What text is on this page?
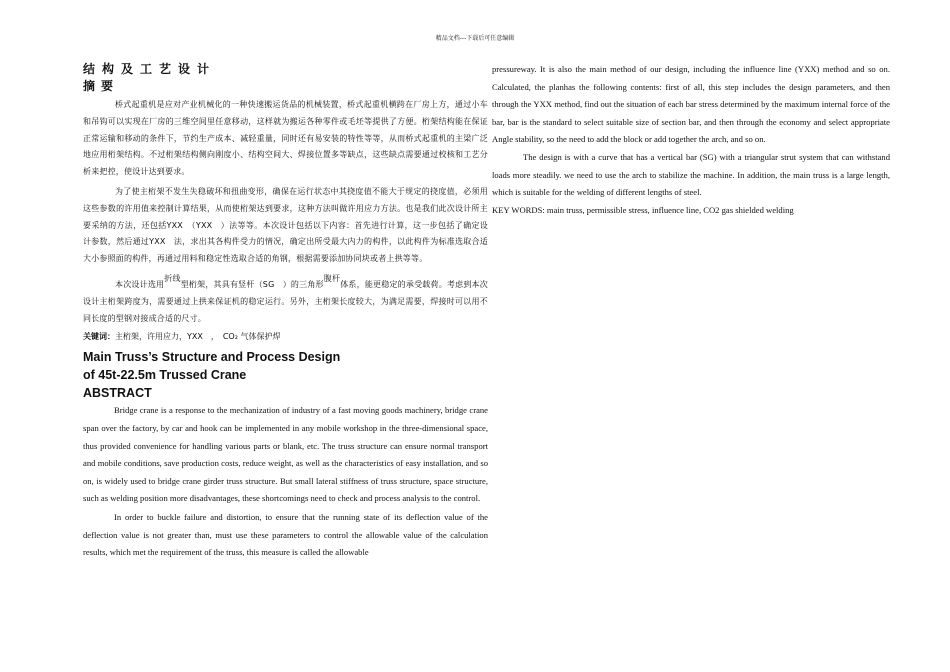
精品文档---下载后可任意编辑
结构及工艺设计
摘要

桥式起重机是应对产业机械化的一种快速搬运货品的机械装置，桥式起重机横跨在厂房上方，通过小车和吊钩可以实现在厂房的三维空间里任意移动，这样就为搬运各种零件或毛坯等提供了方便。桁架结构能在保证正常运输和移动的条件下，节约生产成本、减轻重量，同时还有易安装的特性等等，从而桥式起重机的主梁广泛地应用桁架结构。不过桁架结构侧向刚度小、结构空间大、焊接位置多等缺点，这些缺点需要通过校核和工艺分析来把控，使设计达到要求。

为了使主桁架不发生失稳破坏和扭曲变形，确保在运行状态中其挠度值不能大于规定的挠度值，必须用这些参数的许用值来控制计算结果，从而使桁架达到要求，这种方法叫做许用应力方法。也是我们此次设计所主要采纳的方法，还包括YXX　（YXX　）法等等。本次设计包括以下内容：首先进行计算，这一步包括了确定设计参数，然后通过YXX　法，求出其各构件受力的情况，确定出所受最大内力的构件，以此构件为标准选取合适大小参照面的构件，再通过用料和稳定性选取合适的角钢，根据需要添加协同块或者上拱等等。

本次设计选用折线型桁架，其具有竖杆（SG　）的三角形腹杆体系，能更稳定的承受载荷。考虑到本次设计主桁架跨度为，需要通过上拱来保证机的稳定运行。另外，主桁架长度较大，为满足需要，焊接时可以用不同长度的型钢对接成合适的尺寸。

关键词：主桁架，许用应力，YXX　，　CO₂ 气体保护焊

Main Truss’s Structure and Process Design
of 45t-22.5m Trussed Crane
ABSTRACT

Bridge crane is a response to the mechanization of industry of a fast moving goods machinery, bridge crane span over the factory, by car and hook can be implemented in any mobile workshop in the three-dimensional space, thus provided convenience for handling various parts or blank, etc. The truss structure can ensure normal transport and mobile conditions, save production costs, reduce weight, as well as the characteristics of easy installation, and so on, is widely used to bridge crane girder truss structure. But small lateral stiffness of truss structure, space structure, such as welding position more disadvantages, these shortcomings need to check and process analysis to the control.

In order to buckle failure and distortion, to ensure that the running state of its deflection value of the deflection value is not greater than, must use these parameters to control the allowable value of the calculation results, which met the requirement of the truss, this measure is called the allowable

pressureway. It is also the main method of our design, including the influence line (YXX) method and so on. Calculated, the planhas the following contents: first of all, this step includes the design parameters, and then through the YXX method, find out the situation of each bar stress determined by the maximum internal force of the bar, bar is the standard to select suitable size of section bar, and then through the economy and select appropriate Angle stability, so the need to add the block or add together the arch, and so on.

The design is with a curve that has a vertical bar (SG) with a triangular strut system that can withstand loads more steadily. we need to use the arch to stabilize the machine. In addition, the main truss is a large length, which is suitable for the welding of different lengths of steel.

KEY WORDS: main truss, permissible stress, influence line, CO2 gas shielded welding
